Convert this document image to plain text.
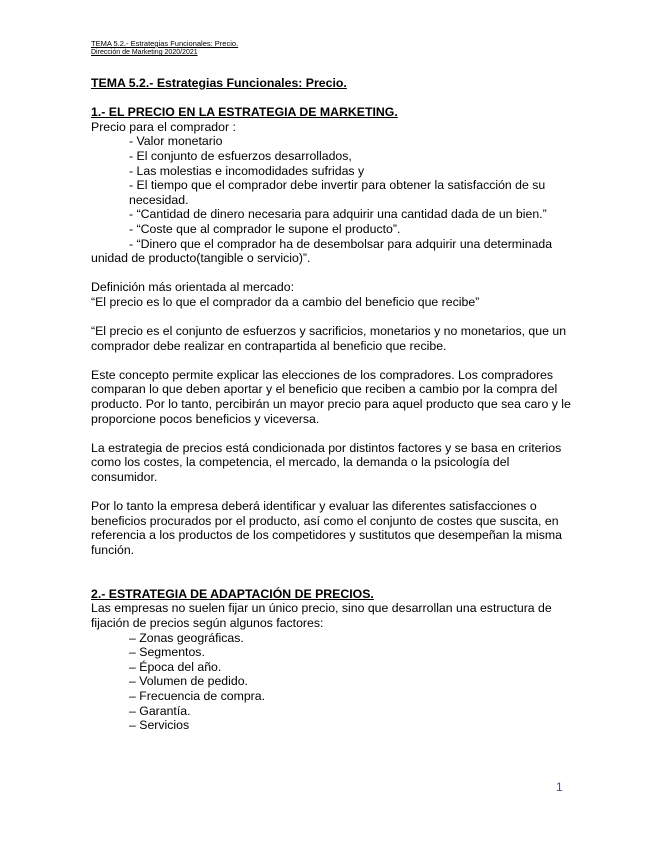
TEMA 5.2.- Estrategias Funcionales: Precio.
Dirección de Marketing 2020/2021

TEMA 5.2.- Estrategias Funcionales: Precio.

1.- EL PRECIO EN LA ESTRATEGIA DE MARKETING.

Precio para el comprador :

- Valor monetario

- El conjunto de esfuerzos desarrollados,

- Las molestias e incomodidades sufridas y

- El tiempo que el comprador debe invertir para obtener la satisfacción de su necesidad.

- “Cantidad de dinero necesaria para adquirir una cantidad dada de un bien.”

- “Coste que al comprador le supone el producto”.

- “Dinero que el comprador ha de desembolsar para adquirir una determinada unidad de producto(tangible o servicio)”.

Definición más orientada al mercado:

“El precio es lo que el comprador da a cambio del beneficio que recibe”

“El precio es el conjunto de esfuerzos y sacrificios, monetarios y no monetarios, que un comprador debe realizar en contrapartida al beneficio que recibe.

Este concepto permite explicar las elecciones de los compradores. Los compradores comparan lo que deben aportar y el beneficio que reciben a cambio por la compra del producto. Por lo tanto, percibirán un mayor precio para aquel producto que sea caro y le proporcione pocos beneficios y viceversa.

La estrategia de precios está condicionada por distintos factores y se basa en criterios como los costes, la competencia, el mercado, la demanda o la psicología del consumidor.

Por lo tanto la empresa deberá identificar y evaluar las diferentes satisfacciones o beneficios procurados por el producto, así como el conjunto de costes que suscita, en referencia a los productos de los competidores y sustitutos que desempeñan la misma función.

2.- ESTRATEGIA DE ADAPTACIÓN DE PRECIOS.

Las empresas no suelen fijar un único precio, sino que desarrollan una estructura de fijación de precios según algunos factores:

– Zonas geográficas.

– Segmentos.

– Época del año.

– Volumen de pedido.

– Frecuencia de compra.

– Garantía.

– Servicios

1
